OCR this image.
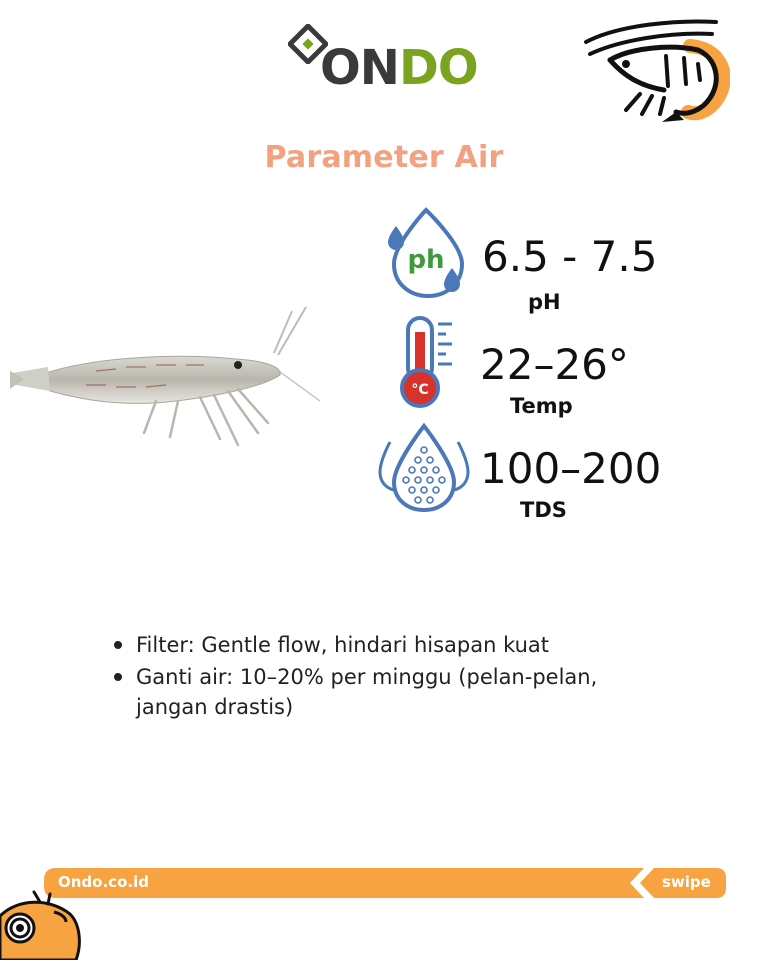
ONDO
Parameter Air
ph 6.5 - 7.5
pH
°C
22–26°
Temp
100–200
TDS
Filter: Gentle flow, hindari hisapan kuat
Ganti air: 10–20% per minggu (pelan-pelan, jangan drastis)
Ondo.co.id	swipe
